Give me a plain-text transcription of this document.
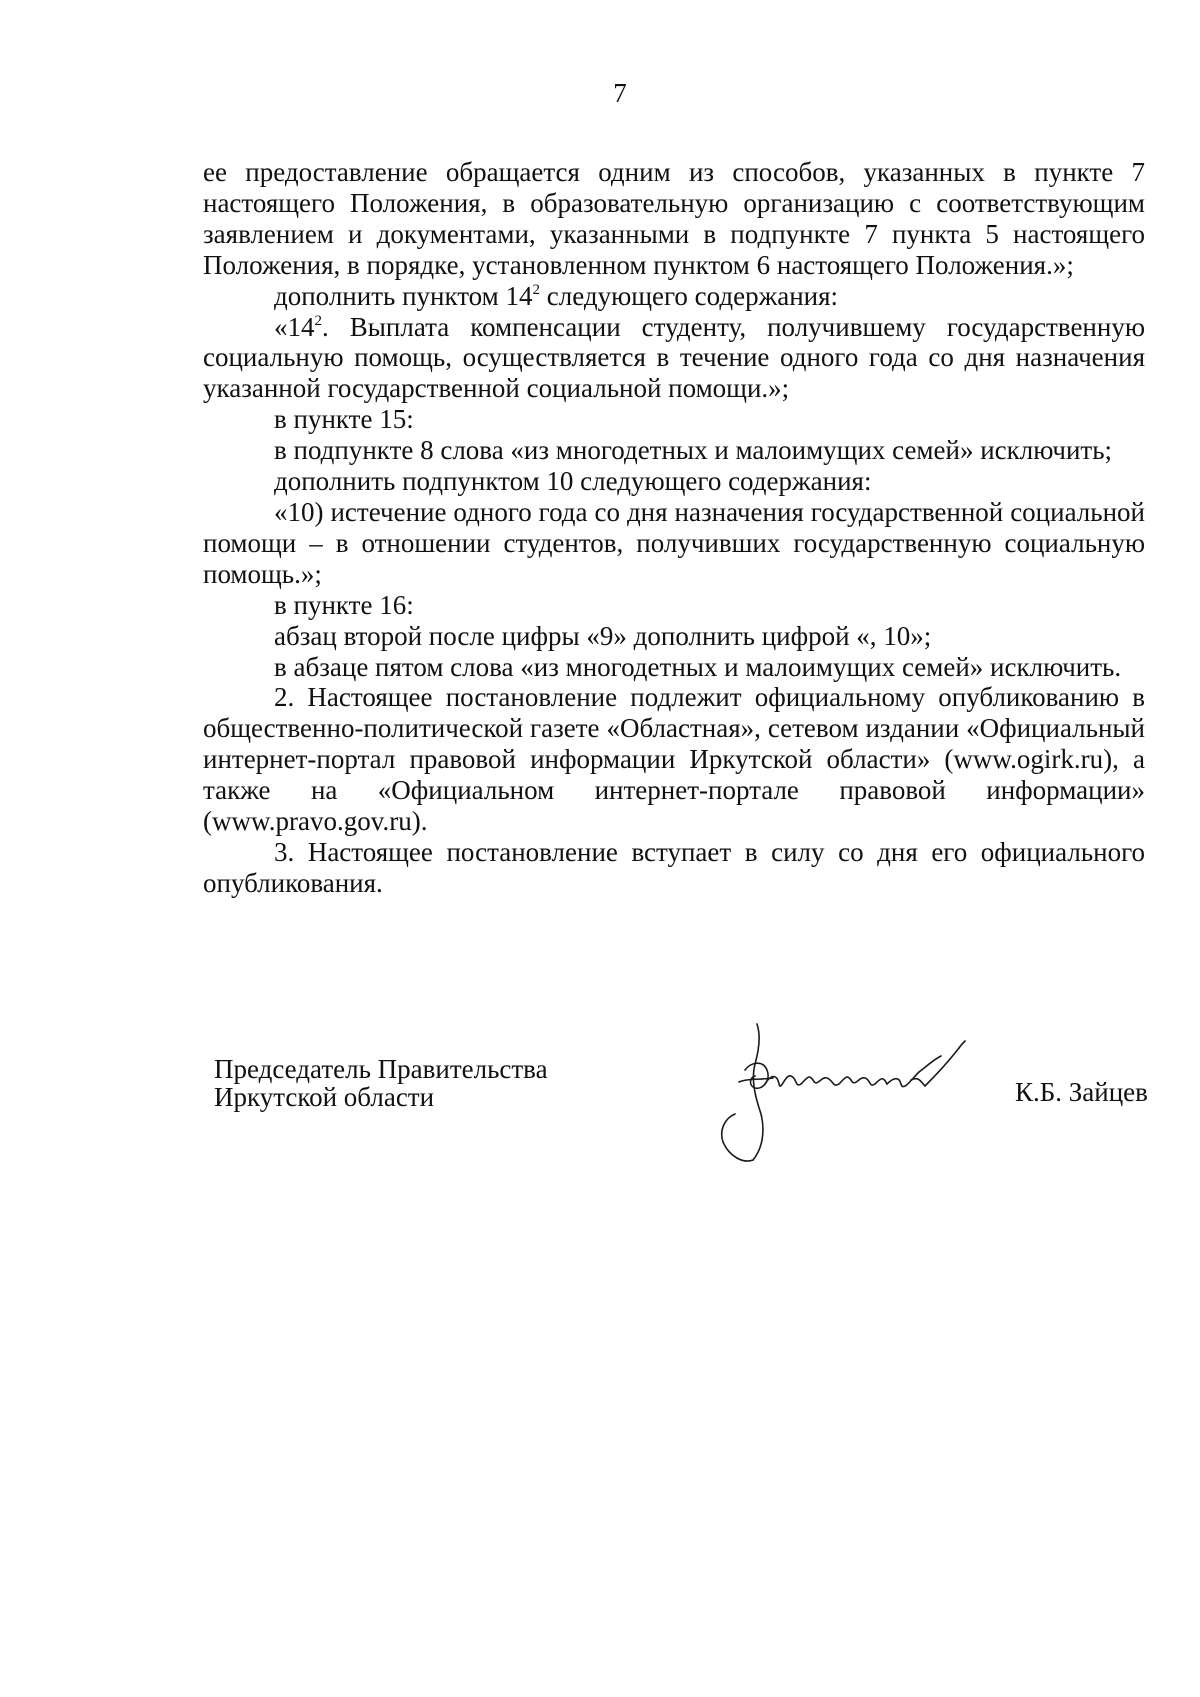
7

ее предоставление обращается одним из способов, указанных в пункте 7 настоящего Положения, в образовательную организацию с соответствующим заявлением и документами, указанными в подпункте 7 пункта 5 настоящего Положения, в порядке, установленном пунктом 6 настоящего Положения.»;

дополнить пунктом $14^2$ следующего содержания:

«$14^2$. Выплата компенсации студенту, получившему государственную социальную помощь, осуществляется в течение одного года со дня назначения указанной государственной социальной помощи.»;

в пункте 15:

в подпункте 8 слова «из многодетных и малоимущих семей» исключить;

дополнить подпунктом 10 следующего содержания:

«10) истечение одного года со дня назначения государственной социальной помощи – в отношении студентов, получивших государственную социальную помощь.»;

в пункте 16:

абзац второй после цифры «9» дополнить цифрой «, 10»;

в абзаце пятом слова «из многодетных и малоимущих семей» исключить.

2. Настоящее постановление подлежит официальному опубликованию в общественно-политической газете «Областная», сетевом издании «Официальный интернет-портал правовой информации Иркутской области» (www.ogirk.ru), а также на «Официальном интернет-портале правовой информации» (www.pravo.gov.ru).

3. Настоящее постановление вступает в силу со дня его официального опубликования.

Председатель Правительства
Иркутской области	К.Б. Зайцев
